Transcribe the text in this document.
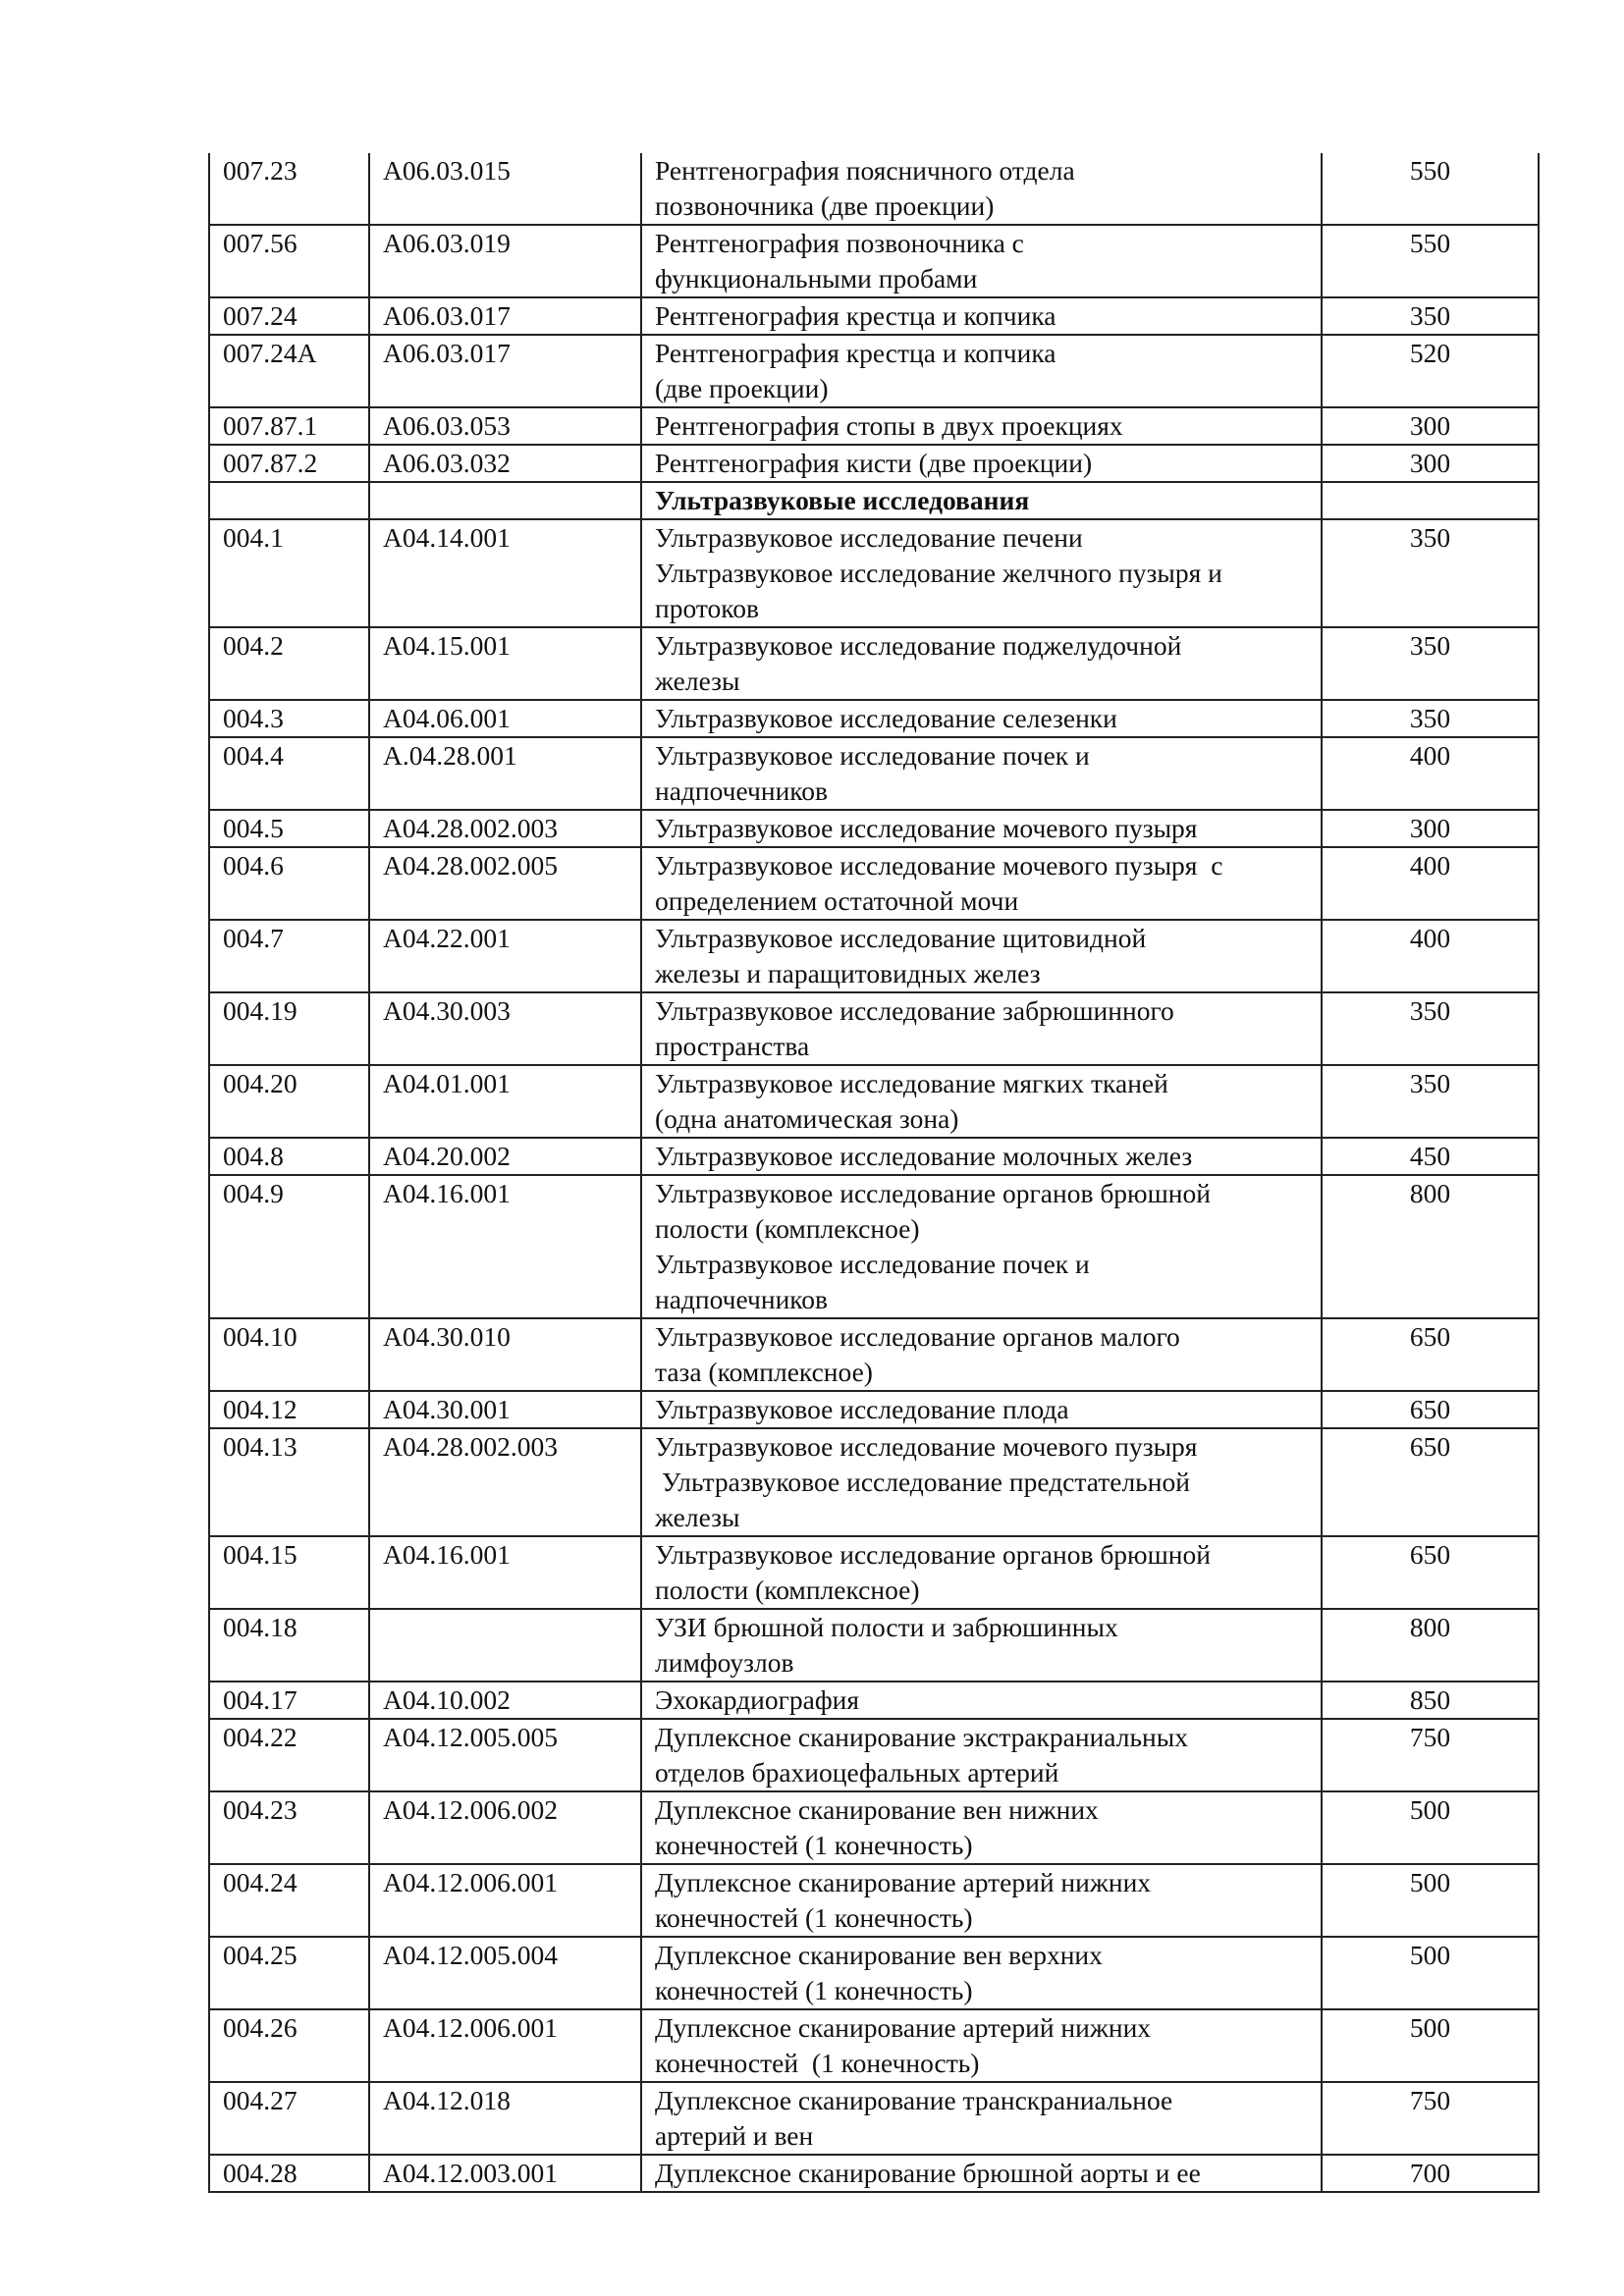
007.23	A06.03.015	Рентгенография поясничного отдела
позвоночника (две проекции)	550
007.56	A06.03.019	Рентгенография позвоночника с
функциональными пробами	550
007.24	A06.03.017	Рентгенография крестца и копчика	350
007.24А	A06.03.017	Рентгенография крестца и копчика
(две проекции)	520
007.87.1	A06.03.053	Рентгенография стопы в двух проекциях	300
007.87.2	A06.03.032	Рентгенография кисти (две проекции)	300

		Ультразвуковые исследования	

004.1	A04.14.001	Ультразвуковое исследование печени
Ультразвуковое исследование желчного пузыря и
протоков	350
004.2	A04.15.001	Ультразвуковое исследование поджелудочной
железы	350
004.3	A04.06.001	Ультразвуковое исследование селезенки	350
004.4	A.04.28.001	Ультразвуковое исследование почек и
надпочечников	400
004.5	A04.28.002.003	Ультразвуковое исследование мочевого пузыря	300
004.6	A04.28.002.005	Ультразвуковое исследование мочевого пузыря  с
определением остаточной мочи	400
004.7	A04.22.001	Ультразвуковое исследование щитовидной
железы и паращитовидных желез	400
004.19	A04.30.003	Ультразвуковое исследование забрюшинного
пространства	350
004.20	A04.01.001	Ультразвуковое исследование мягких тканей
(одна анатомическая зона)	350
004.8	A04.20.002	Ультразвуковое исследование молочных желез	450
004.9	A04.16.001	Ультразвуковое исследование органов брюшной
полости (комплексное)
Ультразвуковое исследование почек и
надпочечников	800
004.10	A04.30.010	Ультразвуковое исследование органов малого
таза (комплексное)	650
004.12	A04.30.001	Ультразвуковое исследование плода	650
004.13	A04.28.002.003	Ультразвуковое исследование мочевого пузыря
Ультразвуковое исследование предстательной
железы	650
004.15	A04.16.001	Ультразвуковое исследование органов брюшной
полости (комплексное)	650
004.18		УЗИ брюшной полости и забрюшинных
лимфоузлов	800
004.17	A04.10.002	Эхокардиография	850
004.22	A04.12.005.005	Дуплексное сканирование экстракраниальных
отделов брахиоцефальных артерий	750
004.23	A04.12.006.002	Дуплексное сканирование вен нижних
конечностей (1 конечность)	500
004.24	A04.12.006.001	Дуплексное сканирование артерий нижних
конечностей (1 конечность)	500
004.25	A04.12.005.004	Дуплексное сканирование вен верхних
конечностей (1 конечность)	500
004.26	A04.12.006.001	Дуплексное сканирование артерий нижних
конечностей  (1 конечность)	500
004.27	A04.12.018	Дуплексное сканирование транскраниальное
артерий и вен	750
004.28	A04.12.003.001	Дуплексное сканирование брюшной аорты и ее	700
